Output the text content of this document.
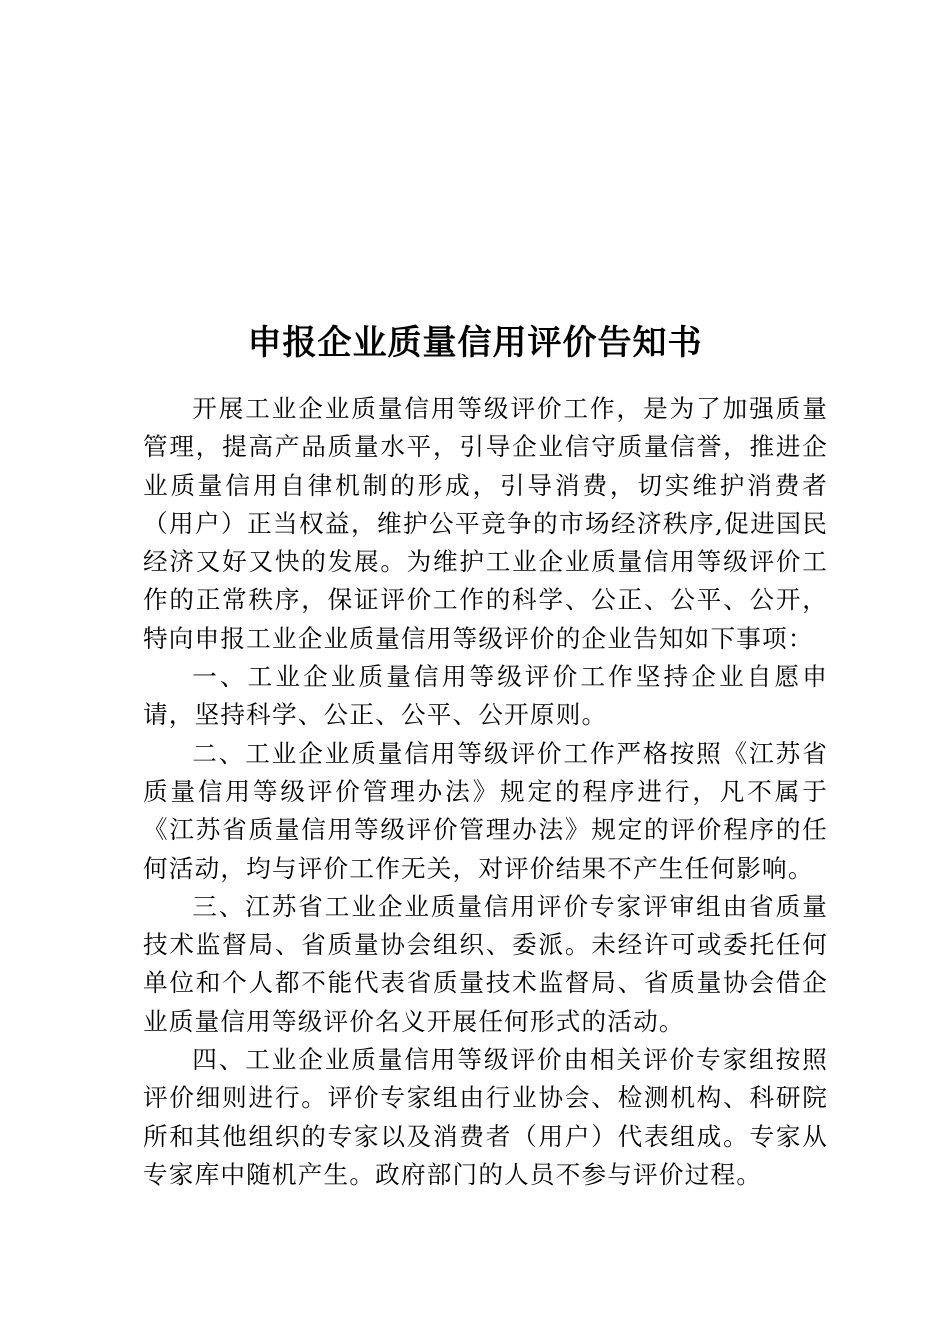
申报企业质量信用评价告知书

开展工业企业质量信用等级评价工作，是为了加强质量管理，提高产品质量水平，引导企业信守质量信誉，推进企业质量信用自律机制的形成，引导消费，切实维护消费者（用户）正当权益，维护公平竞争的市场经济秩序,促进国民经济又好又快的发展。为维护工业企业质量信用等级评价工作的正常秩序，保证评价工作的科学、公正、公平、公开，特向申报工业企业质量信用等级评价的企业告知如下事项：

一、工业企业质量信用等级评价工作坚持企业自愿申请，坚持科学、公正、公平、公开原则。

二、工业企业质量信用等级评价工作严格按照《江苏省质量信用等级评价管理办法》规定的程序进行，凡不属于《江苏省质量信用等级评价管理办法》规定的评价程序的任何活动，均与评价工作无关，对评价结果不产生任何影响。

三、江苏省工业企业质量信用评价专家评审组由省质量技术监督局、省质量协会组织、委派。未经许可或委托任何单位和个人都不能代表省质量技术监督局、省质量协会借企业质量信用等级评价名义开展任何形式的活动。

四、工业企业质量信用等级评价由相关评价专家组按照评价细则进行。评价专家组由行业协会、检测机构、科研院所和其他组织的专家以及消费者（用户）代表组成。专家从专家库中随机产生。政府部门的人员不参与评价过程。
